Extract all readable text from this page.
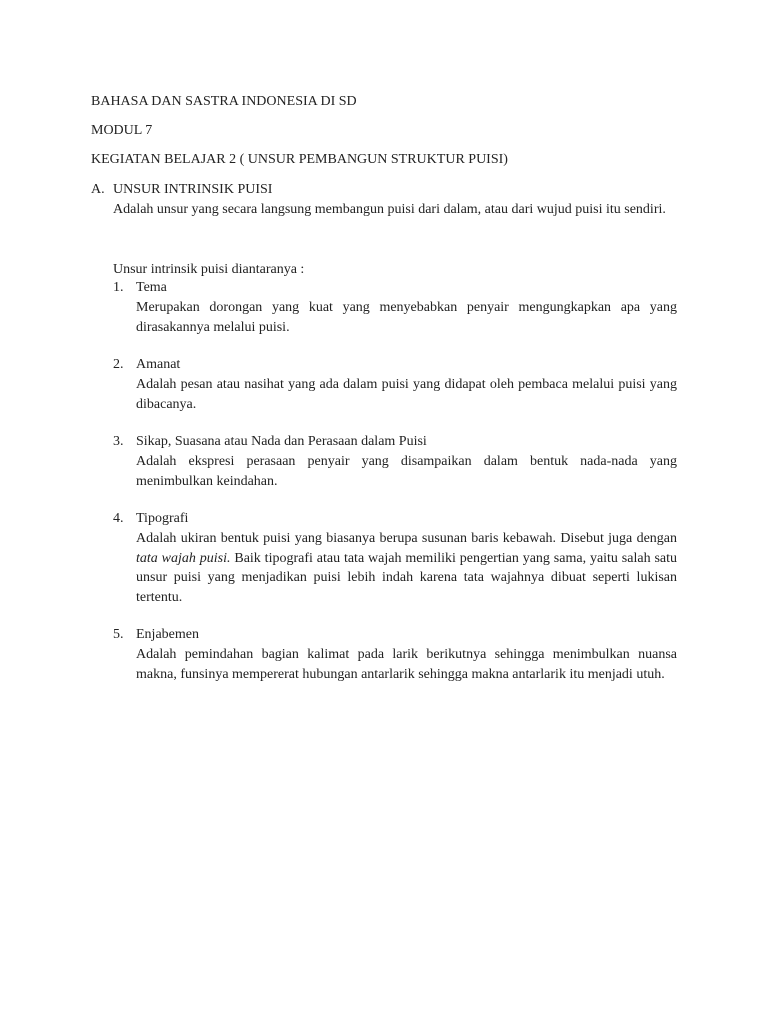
BAHASA DAN SASTRA INDONESIA DI SD

MODUL 7

KEGIATAN BELAJAR 2 ( UNSUR PEMBANGUN STRUKTUR PUISI)

A. UNSUR INTRINSIK PUISI

Adalah unsur yang secara langsung membangun puisi dari dalam, atau dari wujud puisi itu sendiri.

Unsur intrinsik puisi diantaranya :

1. Tema

Merupakan dorongan yang kuat yang menyebabkan penyair mengungkapkan apa yang dirasakannya melalui puisi.

2. Amanat

Adalah pesan atau nasihat yang ada dalam puisi yang didapat oleh pembaca melalui puisi yang dibacanya.

3. Sikap, Suasana atau Nada dan Perasaan dalam Puisi

Adalah ekspresi perasaan penyair yang disampaikan dalam bentuk nada-nada yang menimbulkan keindahan.

4. Tipografi

Adalah ukiran bentuk puisi yang biasanya berupa susunan baris kebawah. Disebut juga dengan tata wajah puisi. Baik tipografi atau tata wajah memiliki pengertian yang sama, yaitu salah satu unsur puisi yang menjadikan puisi lebih indah karena tata wajahnya dibuat seperti lukisan tertentu.

5. Enjabemen

Adalah pemindahan bagian kalimat pada larik berikutnya sehingga menimbulkan nuansa makna, funsinya mempererat hubungan antarlarik sehingga makna antarlarik itu menjadi utuh.
